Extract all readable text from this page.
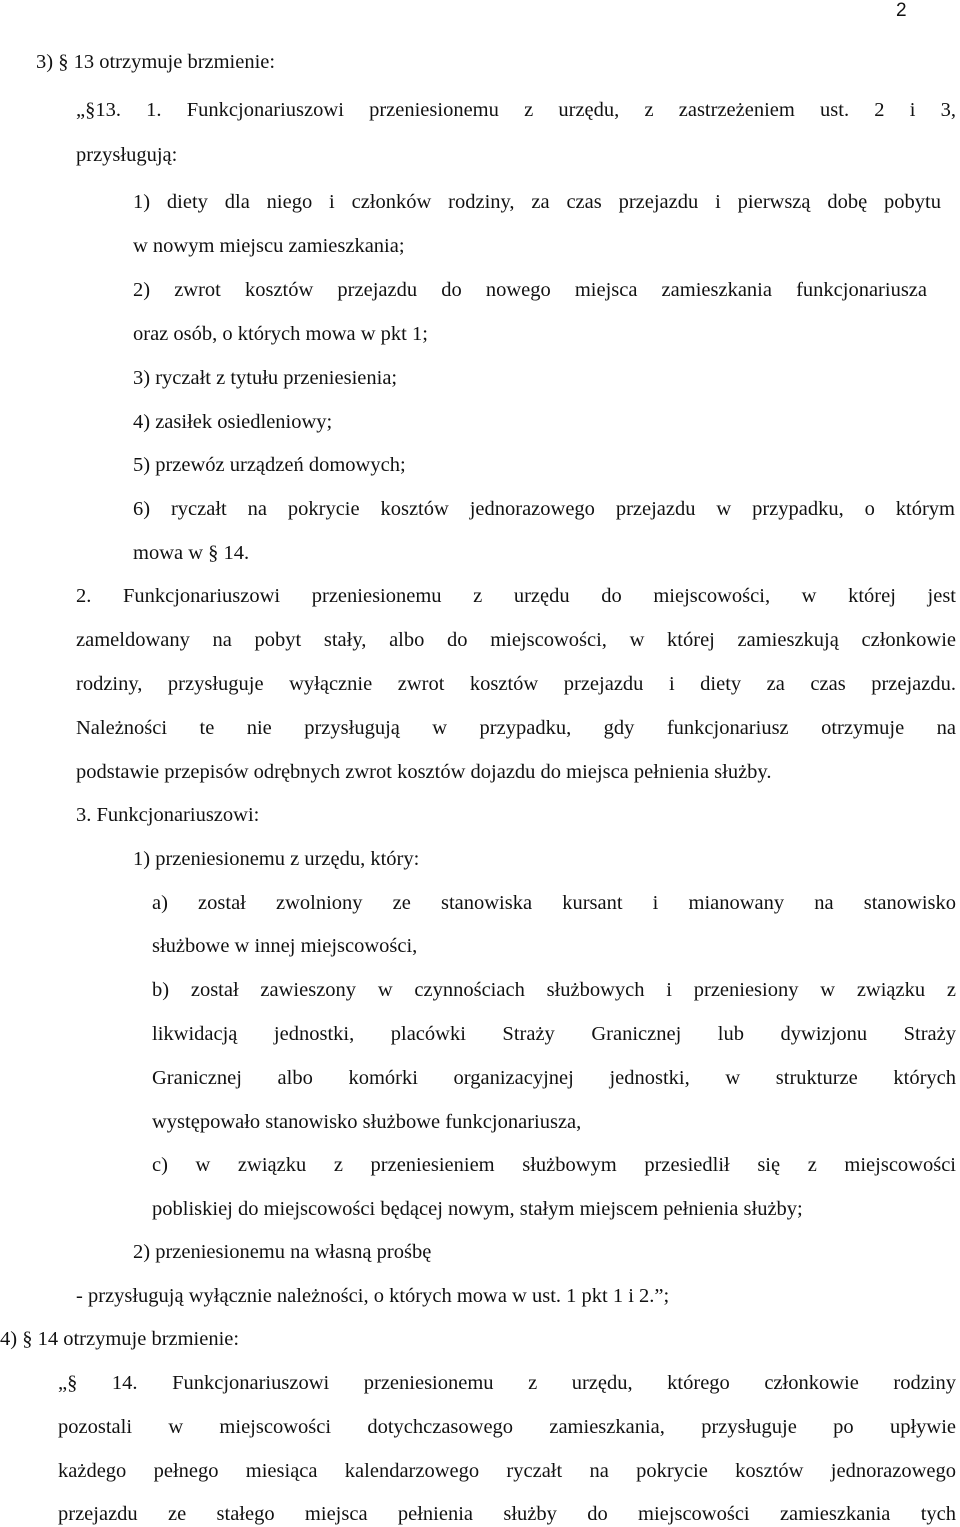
2
3) § 13 otrzymuje brzmienie:
„§13. 1. Funkcjonariuszowi przeniesionemu z urzędu, z zastrzeżeniem ust. 2 i 3,
przysługują:
1) diety dla niego i członków rodziny, za czas przejazdu i pierwszą dobę pobytu
w nowym miejscu zamieszkania;
2) zwrot kosztów przejazdu do nowego miejsca zamieszkania funkcjonariusza
oraz osób, o których mowa w pkt 1;
3) ryczałt z tytułu przeniesienia;
4) zasiłek osiedleniowy;
5) przewóz urządzeń domowych;
6) ryczałt na pokrycie kosztów jednorazowego przejazdu w przypadku, o którym
mowa w § 14.
2. Funkcjonariuszowi przeniesionemu z urzędu do miejscowości, w której jest
zameldowany na pobyt stały, albo do miejscowości, w której zamieszkują członkowie
rodziny, przysługuje wyłącznie zwrot kosztów przejazdu i diety za czas przejazdu.
Należności te nie przysługują w przypadku, gdy funkcjonariusz otrzymuje na
podstawie przepisów odrębnych zwrot kosztów dojazdu do miejsca pełnienia służby.
3. Funkcjonariuszowi:
1) przeniesionemu z urzędu, który:
a) został zwolniony ze stanowiska kursant i mianowany na stanowisko
służbowe w innej miejscowości,
b) został zawieszony w czynnościach służbowych i przeniesiony w związku z
likwidacją jednostki, placówki Straży Granicznej lub dywizjonu Straży
Granicznej albo komórki organizacyjnej jednostki, w strukturze których
występowało stanowisko służbowe funkcjonariusza,
c) w związku z przeniesieniem służbowym przesiedlił się z miejscowości
pobliskiej do miejscowości będącej nowym, stałym miejscem pełnienia służby;
2) przeniesionemu na własną prośbę
- przysługują wyłącznie należności, o których mowa w ust. 1 pkt 1 i 2.”;
4) § 14 otrzymuje brzmienie:
„§ 14. Funkcjonariuszowi przeniesionemu z urzędu, którego członkowie rodziny
pozostali w miejscowości dotychczasowego zamieszkania, przysługuje po upływie
każdego pełnego miesiąca kalendarzowego ryczałt na pokrycie kosztów jednorazowego
przejazdu ze stałego miejsca pełnienia służby do miejscowości zamieszkania tych
